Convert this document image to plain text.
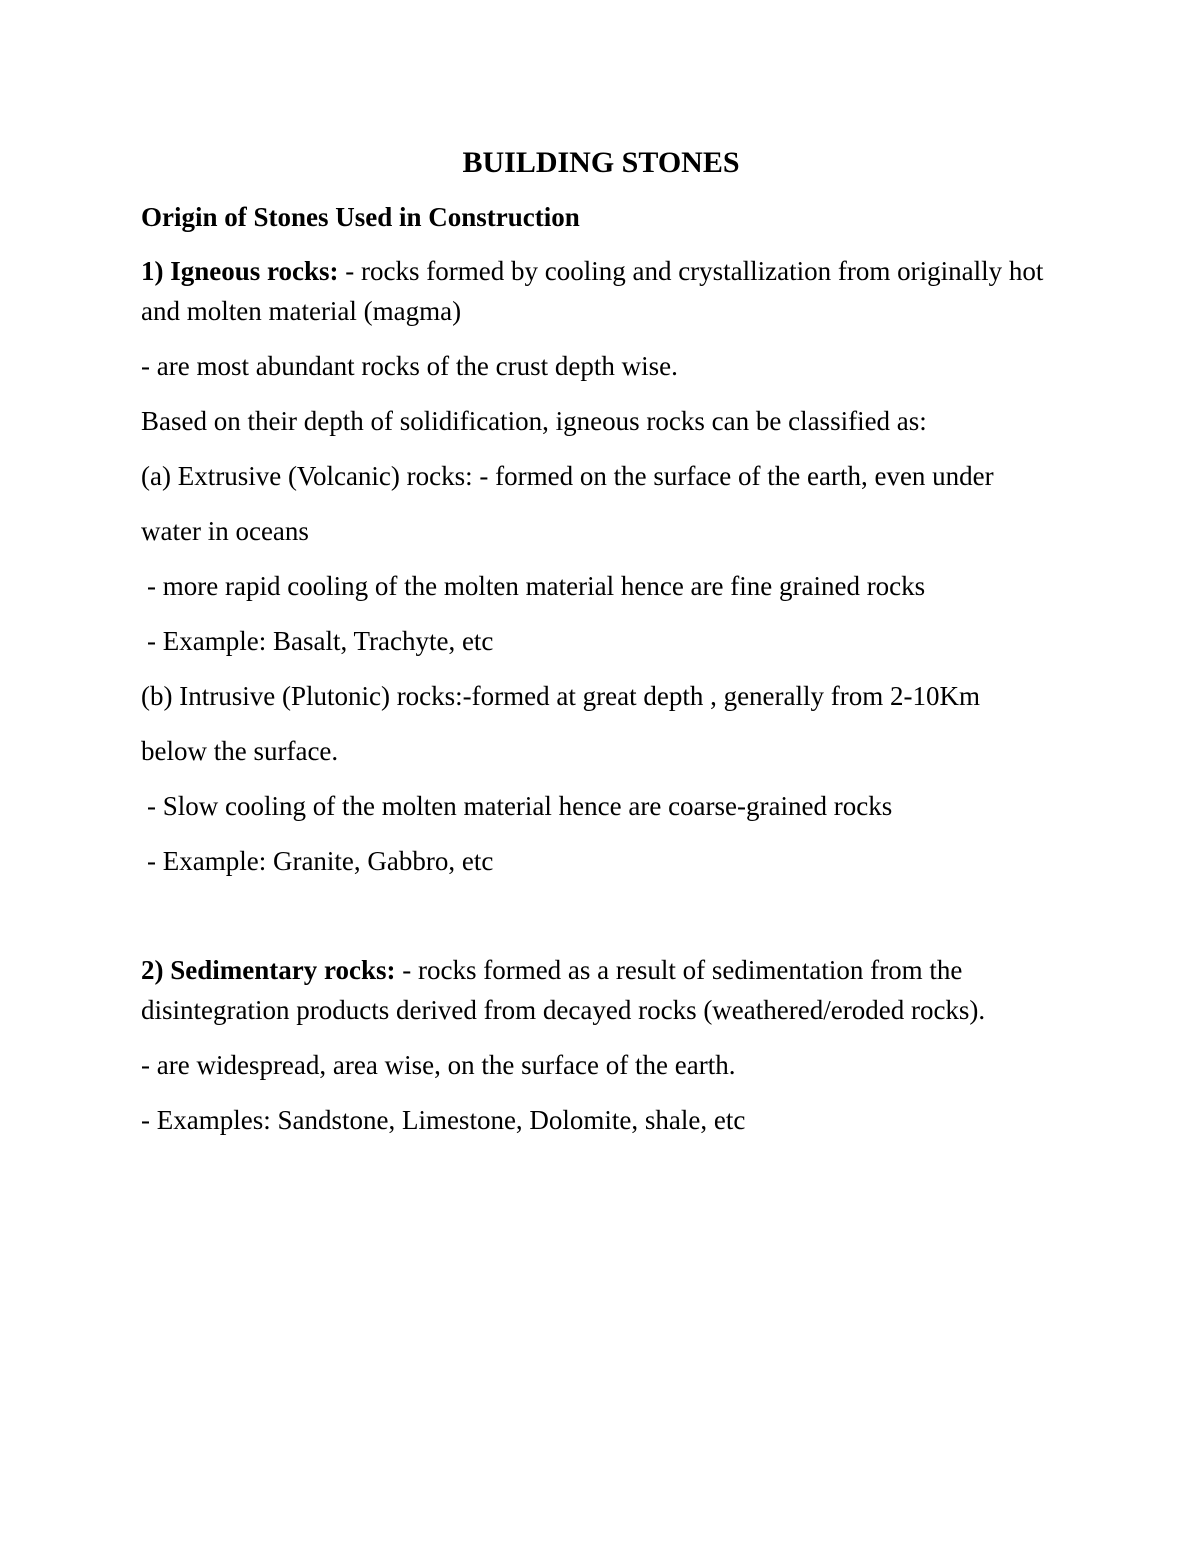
BUILDING STONES
Origin of Stones Used in Construction
1) Igneous rocks: - rocks formed by cooling and crystallization from originally hot and molten material (magma)
- are most abundant rocks of the crust depth wise.
Based on their depth of solidification, igneous rocks can be classified as:
(a) Extrusive (Volcanic) rocks: - formed on the surface of the earth, even under
water in oceans
- more rapid cooling of the molten material hence are fine grained rocks
- Example: Basalt, Trachyte, etc
(b) Intrusive (Plutonic) rocks:-formed at great depth , generally from 2-10Km
below the surface.
- Slow cooling of the molten material hence are coarse-grained rocks
- Example: Granite, Gabbro, etc
2) Sedimentary rocks: - rocks formed as a result of sedimentation from the disintegration products derived from decayed rocks (weathered/eroded rocks).
- are widespread, area wise, on the surface of the earth.
- Examples: Sandstone, Limestone, Dolomite, shale, etc
